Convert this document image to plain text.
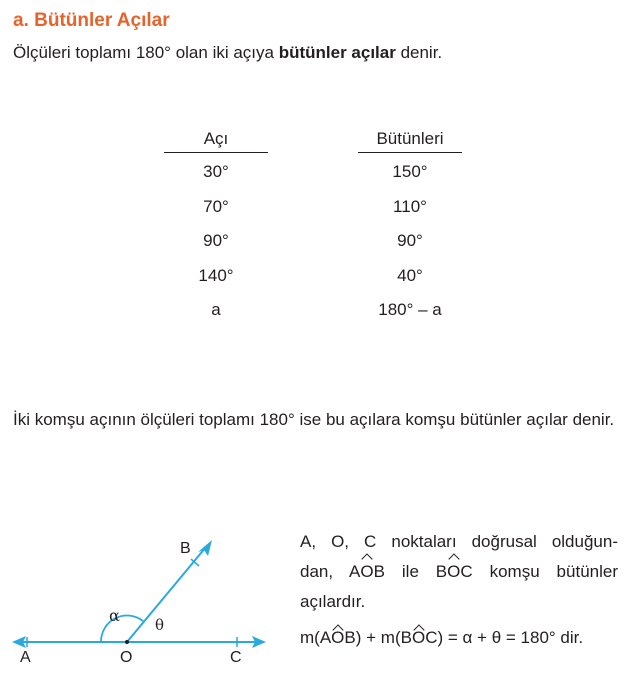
a. Bütünler Açılar

Ölçüleri toplamı 180° olan iki açıya bütünler açılar denir.

Açı
30°
70°
90°
140°
a
Bütünleri
150°
110°
90°
40°
180° – a

İki komşu açının ölçüleri toplamı 180° ise bu açılara komşu bütünler açılar denir.

A	O	C
B
α θ
A, O, C noktaları doğrusal olduğun-
dan, AOB ile BOC komşu bütünler
açılardır.
m(AOB) + m(BOC) = α + θ = 180° dir.
